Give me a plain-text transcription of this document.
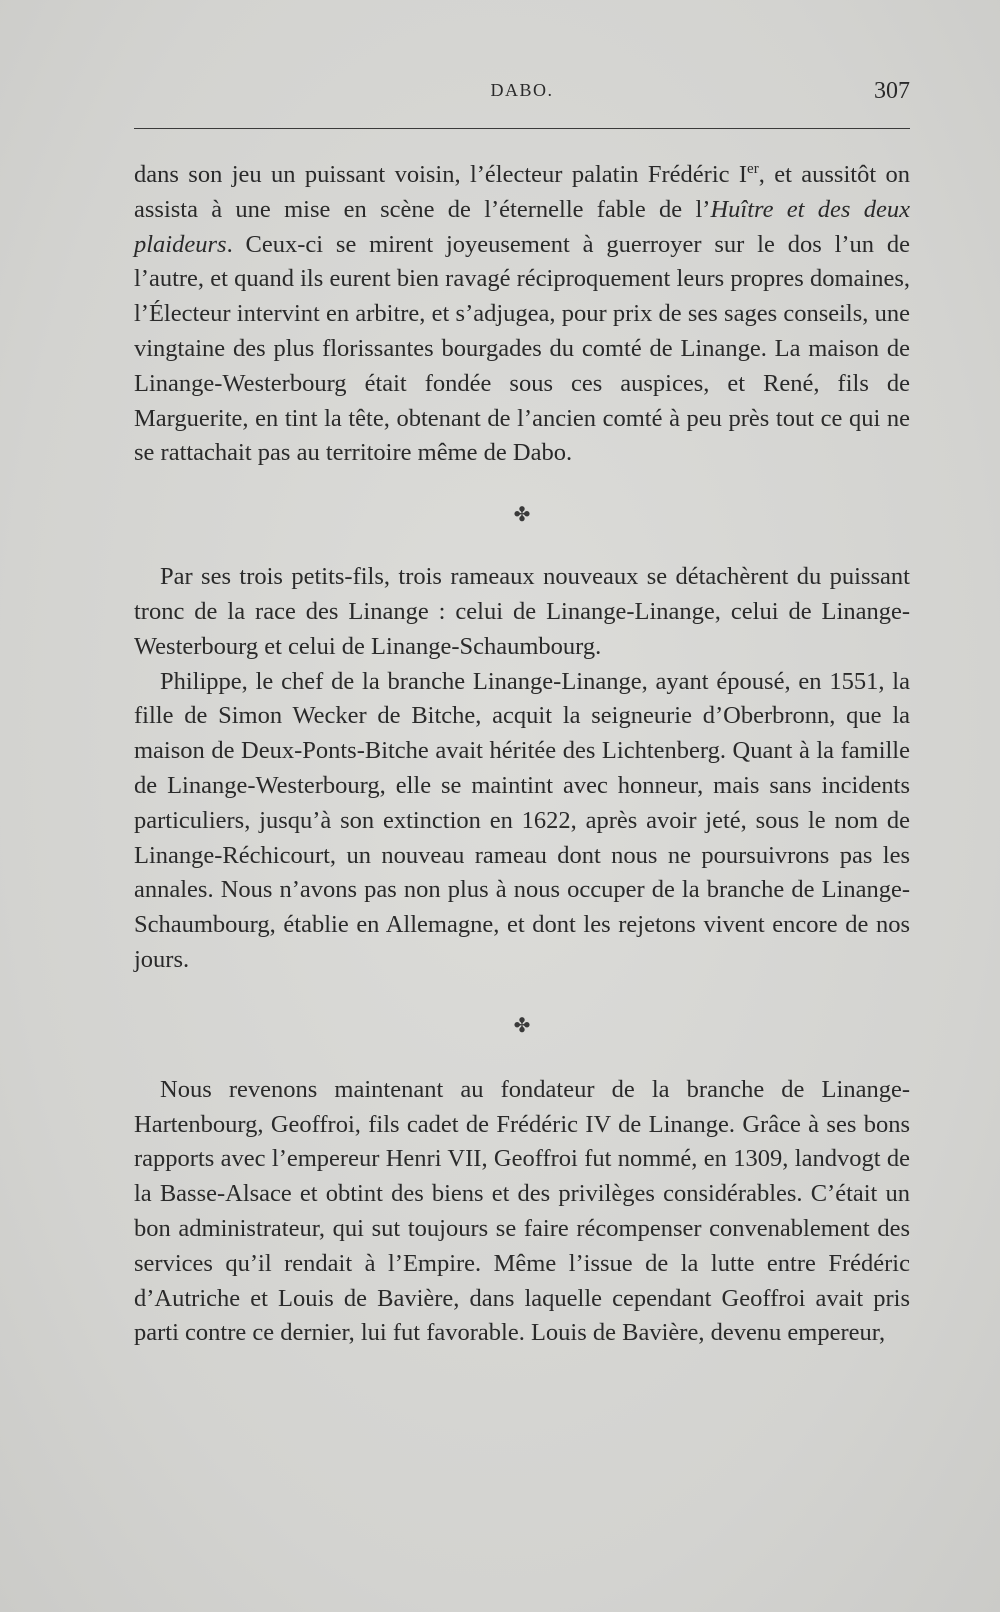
DABO.	307

dans son jeu un puissant voisin, l’électeur palatin Frédéric Ier, et aussitôt on assista à une mise en scène de l’éternelle fable de l’Huître et des deux plaideurs. Ceux-ci se mirent joyeusement à guerroyer sur le dos l’un de l’autre, et quand ils eurent bien ravagé réciproquement leurs propres domaines, l’Électeur intervint en arbitre, et s’adjugea, pour prix de ses sages conseils, une vingtaine des plus florissantes bourgades du comté de Linange. La maison de Linange-Westerbourg était fondée sous ces auspices, et René, fils de Marguerite, en tint la tête, obtenant de l’ancien comté à peu près tout ce qui ne se rattachait pas au territoire même de Dabo.

✤

Par ses trois petits-fils, trois rameaux nouveaux se détachèrent du puissant tronc de la race des Linange : celui de Linange-Linange, celui de Linange-Westerbourg et celui de Linange-Schaumbourg.

Philippe, le chef de la branche Linange-Linange, ayant épousé, en 1551, la fille de Simon Wecker de Bitche, acquit la seigneurie d’Oberbronn, que la maison de Deux-Ponts-Bitche avait héritée des Lichtenberg. Quant à la famille de Linange-Westerbourg, elle se maintint avec honneur, mais sans incidents particuliers, jusqu’à son extinction en 1622, après avoir jeté, sous le nom de Linange-Réchicourt, un nouveau rameau dont nous ne poursuivrons pas les annales. Nous n’avons pas non plus à nous occuper de la branche de Linange-Schaumbourg, établie en Allemagne, et dont les rejetons vivent encore de nos jours.

✤

Nous revenons maintenant au fondateur de la branche de Linange-Hartenbourg, Geoffroi, fils cadet de Frédéric IV de Linange. Grâce à ses bons rapports avec l’empereur Henri VII, Geoffroi fut nommé, en 1309, landvogt de la Basse-Alsace et obtint des biens et des privilèges considérables. C’était un bon administrateur, qui sut toujours se faire récompenser convenablement des services qu’il rendait à l’Empire. Même l’issue de la lutte entre Frédéric d’Autriche et Louis de Bavière, dans laquelle cependant Geoffroi avait pris parti contre ce dernier, lui fut favorable. Louis de Bavière, devenu empereur,
